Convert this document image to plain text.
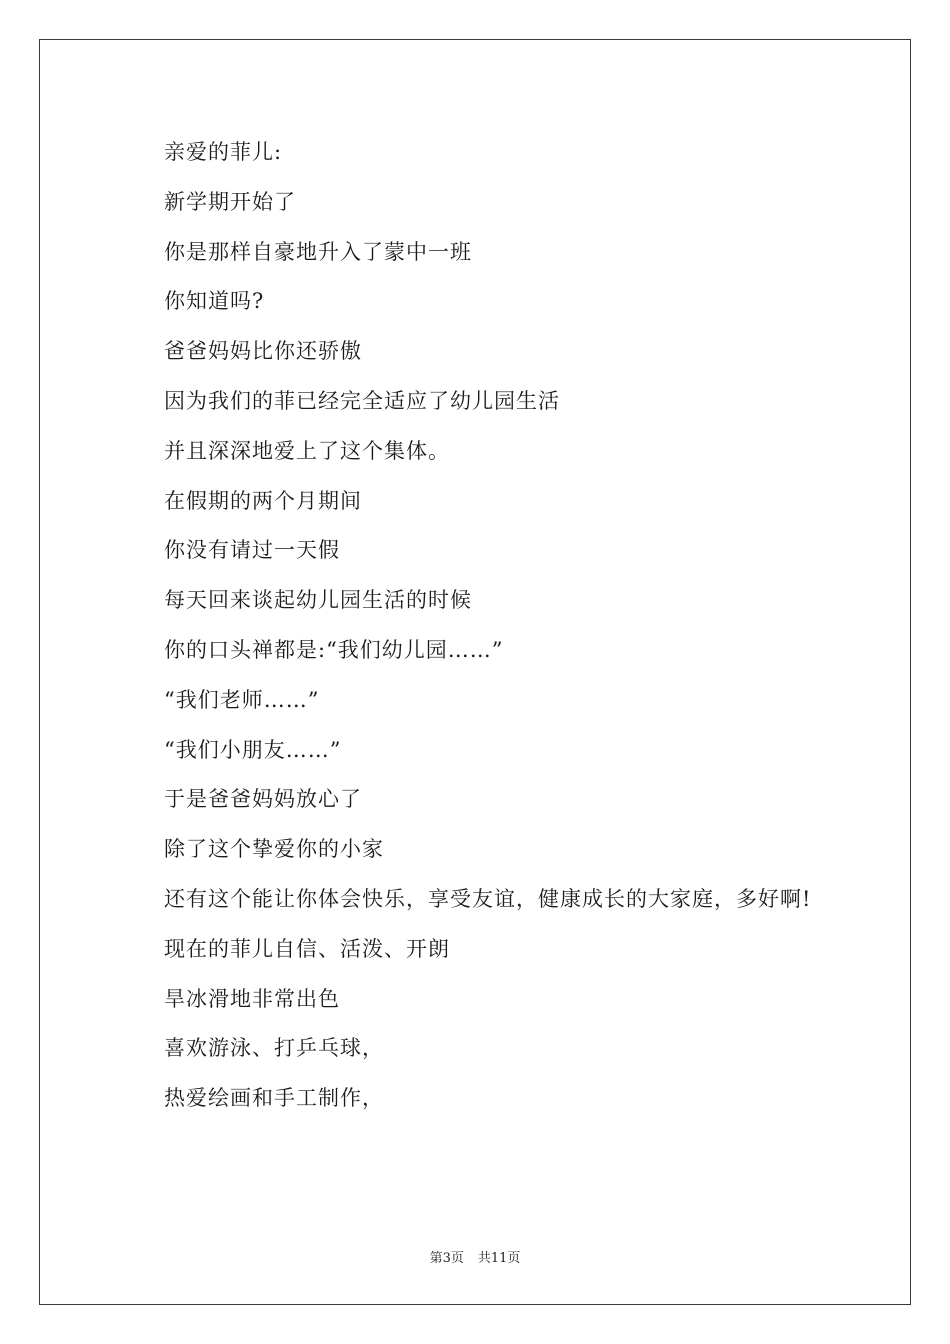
亲爱的菲儿:

新学期开始了

你是那样自豪地升入了蒙中一班

你知道吗?

爸爸妈妈比你还骄傲

因为我们的菲已经完全适应了幼儿园生活

并且深深地爱上了这个集体。

在假期的两个月期间

你没有请过一天假

每天回来谈起幼儿园生活的时候

你的口头禅都是:“我们幼儿园……”

“我们老师……”

“我们小朋友……”

于是爸爸妈妈放心了

除了这个挚爱你的小家

还有这个能让你体会快乐，享受友谊，健康成长的大家庭，多好啊!

现在的菲儿自信、活泼、开朗

旱冰滑地非常出色

喜欢游泳、打乒乓球，

热爱绘画和手工制作，

第3页 共11页
